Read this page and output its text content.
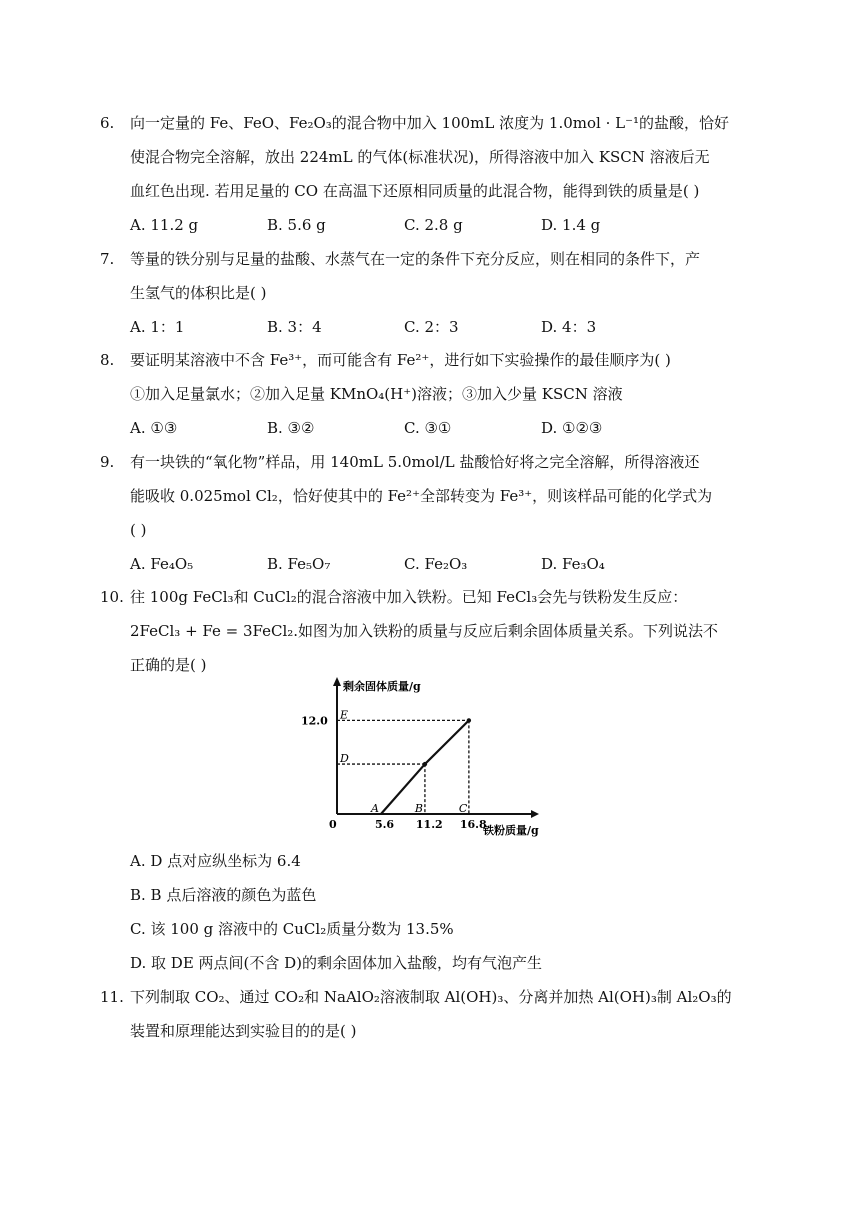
6. 向一定量的 Fe、FeO、Fe₂O₃的混合物中加入 100mL 浓度为 1.0mol · L⁻¹的盐酸，恰好
使混合物完全溶解，放出 224mL 的气体(标准状况)，所得溶液中加入 KSCN 溶液后无
血红色出现. 若用足量的 CO 在高温下还原相同质量的此混合物，能得到铁的质量是( )
A. 11.2 g	B. 5.6 g	C. 2.8 g	D. 1.4 g
7. 等量的铁分别与足量的盐酸、水蒸气在一定的条件下充分反应，则在相同的条件下，产
生氢气的体积比是( )
A. 1：1	B. 3：4	C. 2：3	D. 4：3
8. 要证明某溶液中不含 Fe³⁺，而可能含有 Fe²⁺，进行如下实验操作的最佳顺序为( )
①加入足量氯水；②加入足量 KMnO₄(H⁺)溶液；③加入少量 KSCN 溶液
A. ①③	B. ③②	C. ③①	D. ①②③
9. 有一块铁的“氧化物”样品，用 140mL 5.0mol/L 盐酸恰好将之完全溶解，所得溶液还
能吸收 0.025mol Cl₂，恰好使其中的 Fe²⁺全部转变为 Fe³⁺，则该样品可能的化学式为
( )
A. Fe₄O₅	B. Fe₅O₇	C. Fe₂O₃	D. Fe₃O₄
10. 往 100g FeCl₃和 CuCl₂的混合溶液中加入铁粉。已知 FeCl₃会先与铁粉发生反应：
2FeCl₃ + Fe = 3FeCl₂.如图为加入铁粉的质量与反应后剩余固体质量关系。下列说法不
正确的是( )
剩余固体质量/g
铁粉质量/g
0	5.6 11.2 16.8
12.0
A	B	C
D
E
A. D 点对应纵坐标为 6.4
B. B 点后溶液的颜色为蓝色
C. 该 100 g 溶液中的 CuCl₂质量分数为 13.5%
D. 取 DE 两点间(不含 D)的剩余固体加入盐酸，均有气泡产生
11. 下列制取 CO₂、通过 CO₂和 NaAlO₂溶液制取 Al(OH)₃、分离并加热 Al(OH)₃制 Al₂O₃的
装置和原理能达到实验目的的是( )
